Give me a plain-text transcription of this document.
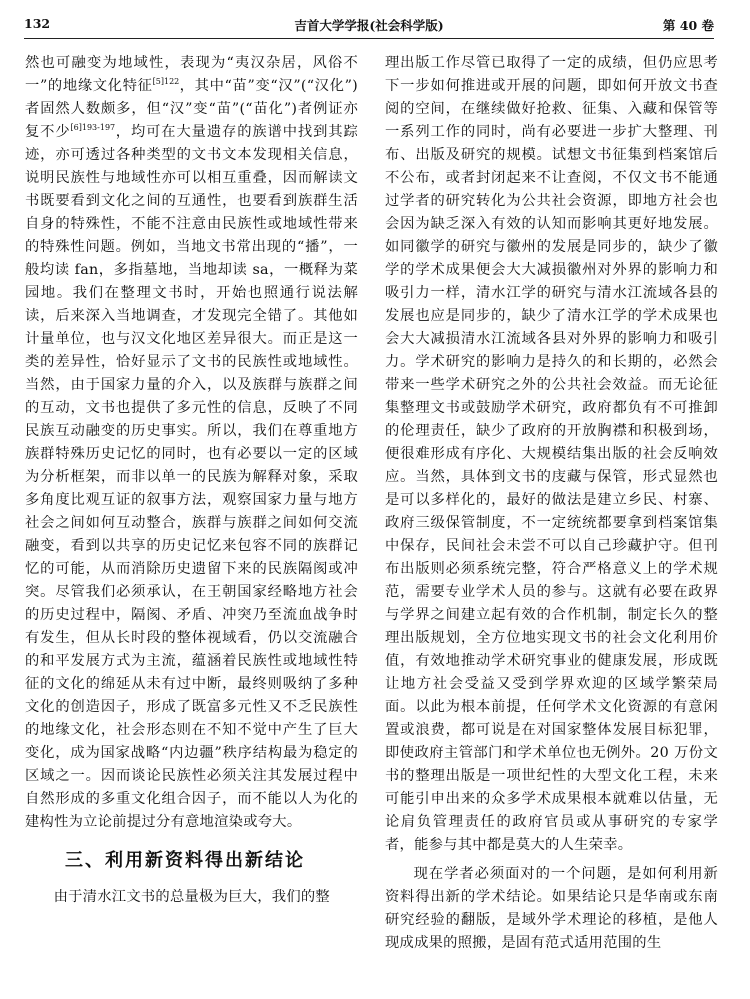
132	吉首大学学报(社会科学版)	第 40 卷

然也可融变为地域性，表现为“夷汉杂居，风俗不一”的地缘文化特征$^{[5]122}$，其中“苗”变“汉”(“汉化”)者固然人数颇多，但“汉”变“苗”(“苗化”)者例证亦复不少$^{[6]193-197}$，均可在大量遗存的族谱中找到其踪迹，亦可透过各种类型的文书文本发现相关信息，说明民族性与地域性亦可以相互重叠，因而解读文书既要看到文化之间的互通性，也要看到族群生活自身的特殊性，不能不注意由民族性或地域性带来的特殊性问题。例如，当地文书常出现的“播”，一般均读 fan，多指墓地，当地却读 sa，一概释为菜园地。我们在整理文书时，开始也照通行说法解读，后来深入当地调查，才发现完全错了。其他如计量单位，也与汉文化地区差异很大。而正是这一类的差异性，恰好显示了文书的民族性或地域性。当然，由于国家力量的介入，以及族群与族群之间的互动，文书也提供了多元性的信息，反映了不同民族互动融变的历史事实。所以，我们在尊重地方族群特殊历史记忆的同时，也有必要以一定的区域为分析框架，而非以单一的民族为解释对象，采取多角度比观互证的叙事方法，观察国家力量与地方社会之间如何互动整合，族群与族群之间如何交流融变，看到以共享的历史记忆来包容不同的族群记忆的可能，从而消除历史遗留下来的民族隔阂或冲突。尽管我们必须承认，在王朝国家经略地方社会的历史过程中，隔阂、矛盾、冲突乃至流血战争时有发生，但从长时段的整体视域看，仍以交流融合的和平发展方式为主流，蕴涵着民族性或地域性特征的文化的绵延从未有过中断，最终则吸纳了多种文化的创造因子，形成了既富多元性又不乏民族性的地缘文化，社会形态则在不知不觉中产生了巨大变化，成为国家战略“内边疆”秩序结构最为稳定的区域之一。因而谈论民族性必须关注其发展过程中自然形成的多重文化组合因子，而不能以人为化的建构性为立论前提过分有意地渲染或夸大。

三、利用新资料得出新结论

由于清水江文书的总量极为巨大，我们的整

理出版工作尽管已取得了一定的成绩，但仍应思考下一步如何推进或开展的问题，即如何开放文书查阅的空间，在继续做好抢救、征集、入藏和保管等一系列工作的同时，尚有必要进一步扩大整理、刊布、出版及研究的规模。试想文书征集到档案馆后不公布，或者封闭起来不让查阅，不仅文书不能通过学者的研究转化为公共社会资源，即地方社会也会因为缺乏深入有效的认知而影响其更好地发展。如同徽学的研究与徽州的发展是同步的，缺少了徽学的学术成果便会大大减损徽州对外界的影响力和吸引力一样，清水江学的研究与清水江流域各县的发展也应是同步的，缺少了清水江学的学术成果也会大大减损清水江流域各县对外界的影响力和吸引力。学术研究的影响力是持久的和长期的，必然会带来一些学术研究之外的公共社会效益。而无论征集整理文书或鼓励学术研究，政府都负有不可推卸的伦理责任，缺少了政府的开放胸襟和积极到场，便很难形成有序化、大规模结集出版的社会反响效应。当然，具体到文书的庋藏与保管，形式显然也是可以多样化的，最好的做法是建立乡民、村寨、政府三级保管制度，不一定统统都要拿到档案馆集中保存，民间社会未尝不可以自己珍藏护守。但刊布出版则必须系统完整，符合严格意义上的学术规范，需要专业学术人员的参与。这就有必要在政界与学界之间建立起有效的合作机制，制定长久的整理出版规划，全方位地实现文书的社会文化利用价值，有效地推动学术研究事业的健康发展，形成既让地方社会受益又受到学界欢迎的区域学繁荣局面。以此为根本前提，任何学术文化资源的有意闲置或浪费，都可说是在对国家整体发展目标犯罪，即使政府主管部门和学术单位也无例外。20 万份文书的整理出版是一项世纪性的大型文化工程，未来可能引申出来的众多学术成果根本就难以估量，无论肩负管理责任的政府官员或从事研究的专家学者，能参与其中都是莫大的人生荣幸。

现在学者必须面对的一个问题，是如何利用新资料得出新的学术结论。如果结论只是华南或东南研究经验的翻版，是域外学术理论的移植，是他人现成成果的照搬，是固有范式适用范围的生
